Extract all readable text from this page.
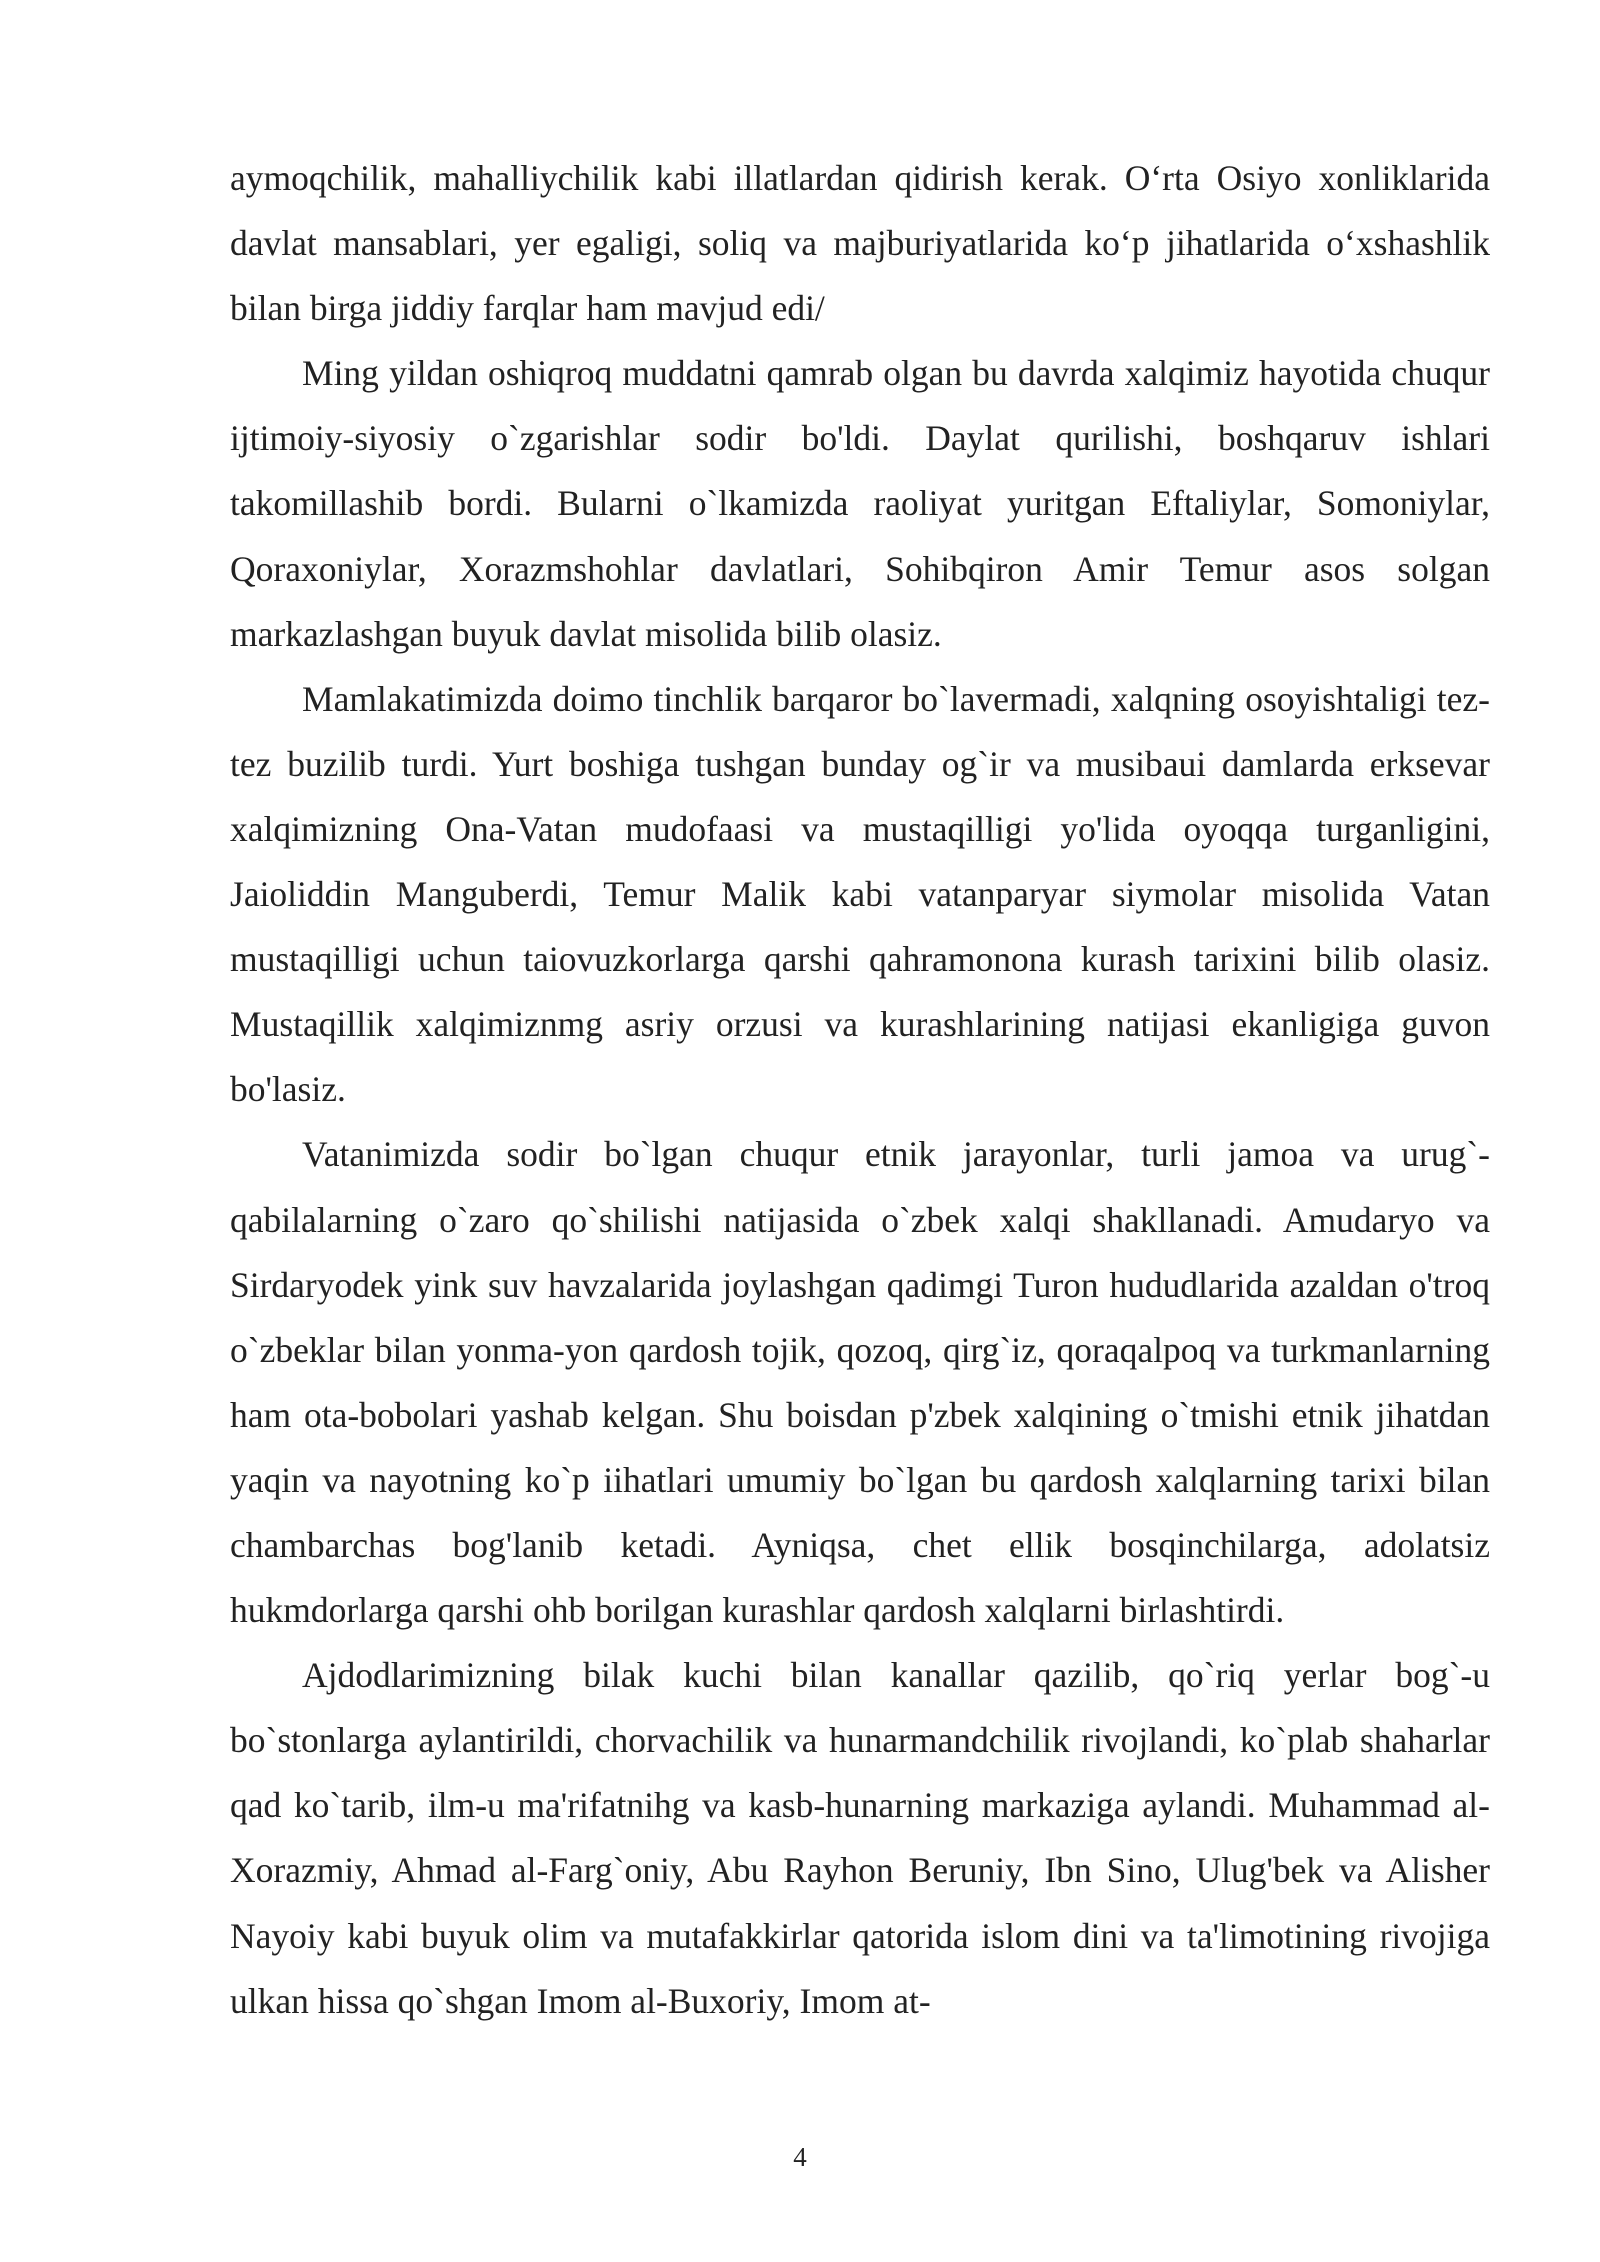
aymoqchilik, mahalliychilik kabi illatlardan qidirish kerak. O‘rta Osiyo xonliklarida davlat mansablari, yer egaligi, soliq va majburiyatlarida ko‘p jihatlarida o‘xshashlik bilan birga jiddiy farqlar ham mavjud edi/

Ming yildan oshiqroq muddatni qamrab olgan bu davrda xalqimiz hayotida chuqur ijtimoiy-siyosiy o`zgarishlar sodir bo'ldi. Daylat qurilishi, boshqaruv ishlari takomillashib bordi. Bularni o`lkamizda raoliyat yuritgan Eftaliylar, Somoniylar, Qoraxoniylar, Xorazmshohlar davlatlari, Sohibqiron Amir Temur asos solgan markazlashgan buyuk davlat misolida bilib olasiz.

Mamlakatimizda doimo tinchlik barqaror bo`lavermadi, xalqning osoyishtaligi tez-tez buzilib turdi. Yurt boshiga tushgan bunday og`ir va musibaui damlarda erksevar xalqimizning Ona-Vatan mudofaasi va mustaqilligi yo'lida oyoqqa turganligini, Jaioliddin Manguberdi, Temur Malik kabi vatanparyar siymolar misolida Vatan mustaqilligi uchun taiovuzkorlarga qarshi qahramonona kurash tarixini bilib olasiz. Mustaqillik xalqimiznmg asriy orzusi va kurashlarining natijasi ekanligiga guvon bo'lasiz.

Vatanimizda sodir bo`lgan chuqur etnik jarayonlar, turli jamoa va urug`-qabilalarning o`zaro qo`shilishi natijasida o`zbek xalqi shakllanadi. Amudaryo va Sirdaryodek yink suv havzalarida joylashgan qadimgi Turon hududlarida azaldan o'troq o`zbeklar bilan yonma-yon qardosh tojik, qozoq, qirg`iz, qoraqalpoq va turkmanlarning ham ota-bobolari yashab kelgan. Shu boisdan p'zbek xalqining o`tmishi etnik jihatdan yaqin va nayotning ko`p iihatlari umumiy bo`lgan bu qardosh xalqlarning tarixi bilan chambarchas bog'lanib ketadi. Ayniqsa, chet ellik bosqinchilarga, adolatsiz hukmdorlarga qarshi ohb borilgan kurashlar qardosh xalqlarni birlashtirdi.

Ajdodlarimizning bilak kuchi bilan kanallar qazilib, qo`riq yerlar bog`-u bo`stonlarga aylantirildi, chorvachilik va hunarmandchilik rivojlandi, ko`plab shaharlar qad ko`tarib, ilm-u ma'rifatnihg va kasb-hunarning markaziga aylandi. Muhammad al-Xorazmiy, Ahmad al-Farg`oniy, Abu Rayhon Beruniy, Ibn Sino, Ulug'bek va Alisher Nayoiy kabi buyuk olim va mutafakkirlar qatorida islom dini va ta'limotining rivojiga ulkan hissa qo`shgan Imom al-Buxoriy, Imom at-

4
